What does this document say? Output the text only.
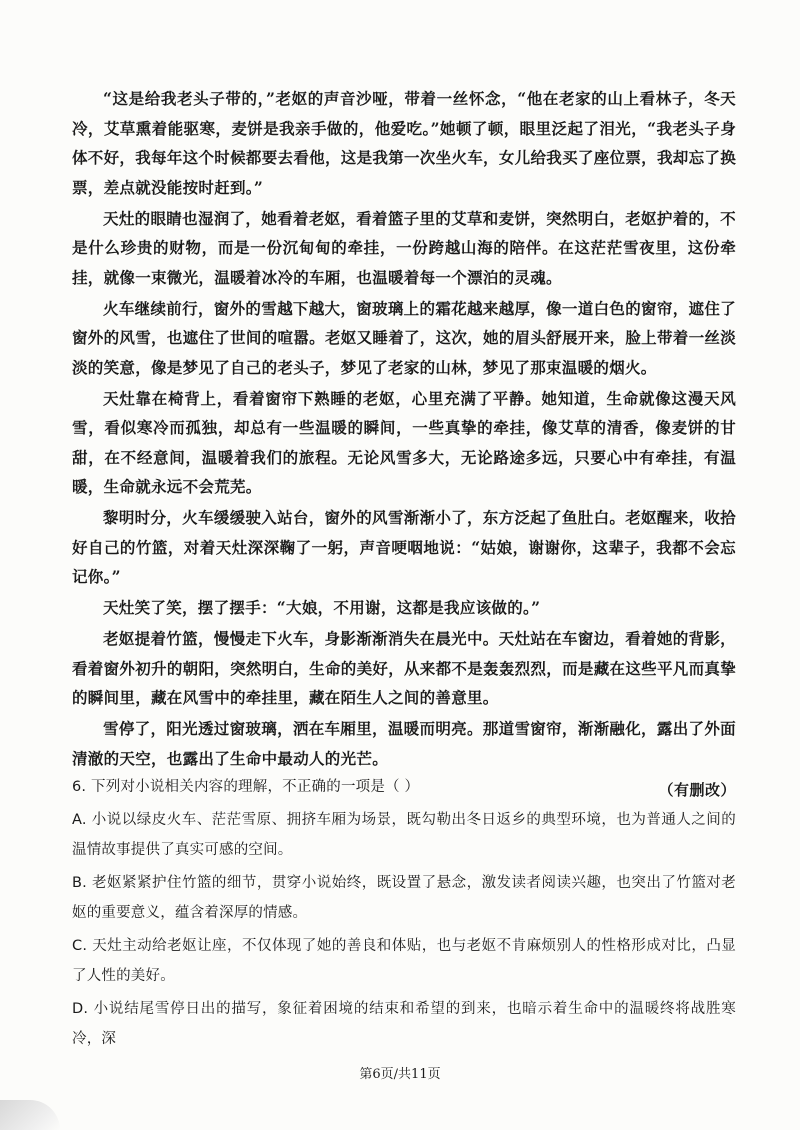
“这是给我老头子带的，”老妪的声音沙哑，带着一丝怀念，“他在老家的山上看林子，冬天冷，艾草熏着能驱寒，麦饼是我亲手做的，他爱吃。”她顿了顿，眼里泛起了泪光，“我老头子身体不好，我每年这个时候都要去看他，这是我第一次坐火车，女儿给我买了座位票，我却忘了换票，差点就没能按时赶到。”

天灶的眼睛也湿润了，她看着老妪，看着篮子里的艾草和麦饼，突然明白，老妪护着的，不是什么珍贵的财物，而是一份沉甸甸的牵挂，一份跨越山海的陪伴。在这茫茫雪夜里，这份牵挂，就像一束微光，温暖着冰冷的车厢，也温暖着每一个漂泊的灵魂。

火车继续前行，窗外的雪越下越大，窗玻璃上的霜花越来越厚，像一道白色的窗帘，遮住了窗外的风雪，也遮住了世间的喧嚣。老妪又睡着了，这次，她的眉头舒展开来，脸上带着一丝淡淡的笑意，像是梦见了自己的老头子，梦见了老家的山林，梦见了那束温暖的烟火。

天灶靠在椅背上，看着窗帘下熟睡的老妪，心里充满了平静。她知道，生命就像这漫天风雪，看似寒冷而孤独，却总有一些温暖的瞬间，一些真挚的牵挂，像艾草的清香，像麦饼的甘甜，在不经意间，温暖着我们的旅程。无论风雪多大，无论路途多远，只要心中有牵挂，有温暖，生命就永远不会荒芜。

黎明时分，火车缓缓驶入站台，窗外的风雪渐渐小了，东方泛起了鱼肚白。老妪醒来，收拾好自己的竹篮，对着天灶深深鞠了一躬，声音哽咽地说：“姑娘，谢谢你，这辈子，我都不会忘记你。”

天灶笑了笑，摆了摆手：“大娘，不用谢，这都是我应该做的。”

老妪提着竹篮，慢慢走下火车，身影渐渐消失在晨光中。天灶站在车窗边，看着她的背影，看着窗外初升的朝阳，突然明白，生命的美好，从来都不是轰轰烈烈，而是藏在这些平凡而真挚的瞬间里，藏在风雪中的牵挂里，藏在陌生人之间的善意里。

雪停了，阳光透过窗玻璃，洒在车厢里，温暖而明亮。那道雪窗帘，渐渐融化，露出了外面清澈的天空，也露出了生命中最动人的光芒。

（有删改）

6. 下列对小说相关内容的理解，不正确的一项是（ ）

A. 小说以绿皮火车、茫茫雪原、拥挤车厢为场景，既勾勒出冬日返乡的典型环境，也为普通人之间的温情故事提供了真实可感的空间。

B. 老妪紧紧护住竹篮的细节，贯穿小说始终，既设置了悬念，激发读者阅读兴趣，也突出了竹篮对老妪的重要意义，蕴含着深厚的情感。

C. 天灶主动给老妪让座，不仅体现了她的善良和体贴，也与老妪不肯麻烦别人的性格形成对比，凸显了人性的美好。

D. 小说结尾雪停日出的描写，象征着困境的结束和希望的到来，也暗示着生命中的温暖终将战胜寒冷，深

第6页/共11页
